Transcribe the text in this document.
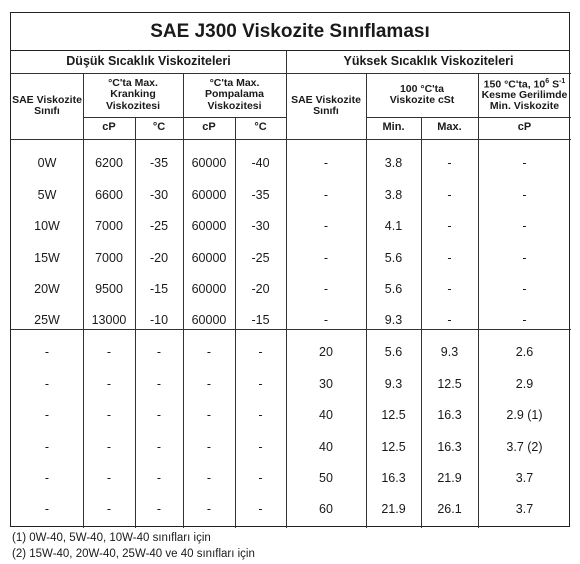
SAE J300 Viskozite Sınıflaması
Düşük Sıcaklık Viskoziteleri	Yüksek Sıcaklık Viskoziteleri
SAE Viskozite Sınıfı
°C'ta Max. Kranking Viskozitesi
°C'ta Max. Pompalama Viskozitesi	SAE Viskozite Sınıfı
100 °C'ta Viskozite cSt
150 °C'ta, $10^6$ $S^{-1}$
Kesme Gerilimde Min. Viskozite
cP	°C	cP	°C	Min.	Max.	cP
0W	6200	-35	60000	-40	-	3.8	-	-
5W	6600	-30	60000	-35	-	3.8	-	-
10W	7000	-25	60000	-30	-	4.1	-	-
15W	7000	-20	60000	-25	-	5.6	-	-
20W	9500	-15	60000	-20	-	5.6	-	-
25W	13000	-10	60000	-15	-	9.3	-	-
-	-	-	-	-	20	5.6	9.3	2.6
-	-	-	-	-	30	9.3	12.5	2.9
-	-	-	-	-	40	12.5	16.3	2.9 (1)
-	-	-	-	-	40	12.5	16.3	3.7 (2)
-	-	-	-	-	50	16.3	21.9	3.7
-	-	-	-	-	60	21.9	26.1	3.7
(1) 0W-40, 5W-40, 10W-40 sınıfları için
(2) 15W-40, 20W-40, 25W-40 ve 40 sınıfları için
